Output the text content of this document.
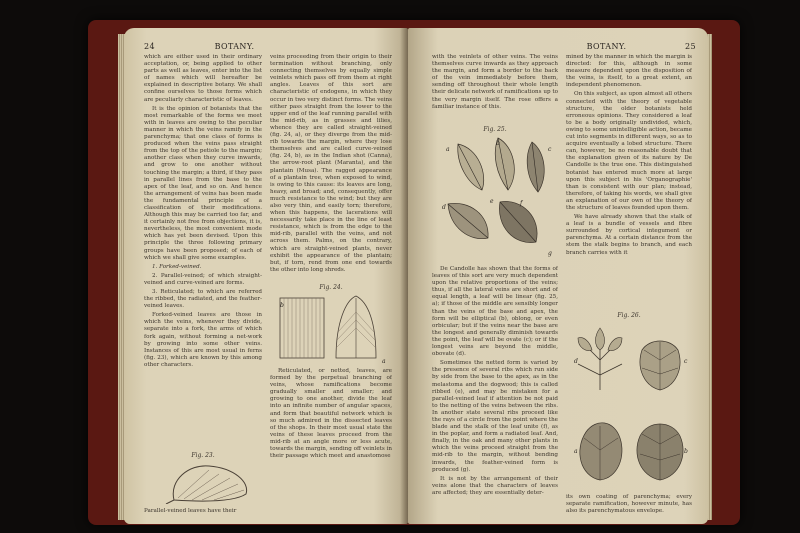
24	BOTANY.

which are either used in their ordinary acceptation, or, being applied to other parts as well as leaves, enter into the list of names which will hereafter be explained in descriptive botany. We shall confine ourselves to those forms which are peculiarly characteristic of leaves.

It is the opinion of botanists that the most remarkable of the forms we meet with in leaves are owing to the peculiar manner in which the veins ramify in the parenchyma; that one class of forms is produced when the veins pass straight from the top of the petiole to the margin; another class when they curve inwards, and grow to one another without touching the margin; a third, if they pass in parallel lines from the base to the apex of the leaf, and so on. And hence the arrangement of veins has been made the fundamental principle of a classification of their modifications. Although this may be carried too far, and it certainly not free from objections, it is, nevertheless, the most convenient mode which has yet been devised. Upon this principle the three following primary groups have been proposed; of each of which we shall give some examples.

1. Forked-veined.

2. Parallel-veined; of which straight-veined and curve-veined are forms.

3. Reticulated; to which are referred the ribbed, the radiated, and the feather-veined leaves.

Forked-veined leaves are those in which the veins, whenever they divide, separate into a fork, the arms of which fork again, without forming a net-work by growing into some other veins. Instances of this are most usual in ferns (fig. 23), which are known by this among other characters.

Fig. 23.
Parallel-veined leaves have their

veins proceeding from their origin to their termination without branching, only connecting themselves by equally simple veinlets which pass off from them at right angles. Leaves of this sort are characteristic of endogens, in which they occur in two very distinct forms. The veins either pass straight from the lower to the upper end of the leaf running parallel with the mid-rib, as in grasses and lilies, whence they are called straight-veined (fig. 24, a), or they diverge from the mid-rib towards the margin, where they lose themselves and are called curve-veined (fig. 24, b), as in the Indian shot (Canna), the arrow-root plant (Maranta), and the plantain (Musa). The ragged appearance of a plantain tree, when exposed to wind, is owing to this cause: its leaves are long, heavy, and broad; and, consequently, offer much resistance to the wind; but they are also very thin, and easily torn; therefore, when this happens, the lacerations will necessarily take place in the line of least resistance, which is from the edge to the mid-rib, parallel with the veins, and not across them. Palms, on the contrary, which are straight-veined plants, never exhibit the appearance of the plantain; but, if torn, rend from one end towards the other into long shreds.

Fig. 24.
b
a

Reticulated, or netted, leaves, are formed by the perpetual branching of veins, whose ramifications become gradually smaller and smaller; and growing to one another, divide the leaf into an infinite number of angular spaces, and form that beautiful network which is so much admired in the dissected leaves of the shops. In their most usual state the veins of these leaves proceed from the mid-rib at an angle more or less acute, towards the margin, sending off veinlets in their passage which meet and anastomose

BOTANY.	25

with the veinlets of other veins. The veins themselves curve inwards as they approach the margin, and form a border to the back of the vein immediately before them, sending off throughout their whole length their delicate network of ramifications up to the very margin itself. The rose offers a familiar instance of this.

Fig. 25.
a
b
c
d
e	f
g

De Candolle has shown that the forms of leaves of this sort are very much dependent upon the relative proportions of the veins; thus, if all the lateral veins are short and of equal length, a leaf will be linear (fig. 25, a); if those of the middle are sensibly longer than the veins of the base and apex, the form will be elliptical (b), oblong, or even orbicular; but if the veins near the base are the longest and generally diminish towards the point, the leaf will be ovate (c); or if the longest veins are beyond the middle, obovate (d).

Sometimes the netted form is varied by the presence of several ribs which run side by side from the base to the apex, as in the melastoma and the dogwood; this is called ribbed (e), and may be mistaken for a parallel-veined leaf if attention be not paid to the netting of the veins between the ribs. In another state several ribs proceed like the rays of a circle from the point where the blade and the stalk of the leaf unite (f), as in the poplar, and form a radiated leaf. And, finally, in the oak and many other plants in which the veins proceed straight from the mid-rib to the margin, without bending inwards, the feather-veined form is produced (g).

It is not by the arrangement of their veins alone that the characters of leaves are affected; they are essentially deter-

mined by the manner in which the margin is directed: for this, although in some measure dependent upon the disposition of the veins, is itself, to a great extent, an independent phenomenon.

On this subject, as upon almost all others connected with the theory of vegetable structure, the older botanists held erroneous opinions. They considered a leaf to be a body originally undivided, which, owing to some unintelligible action, became cut into segments in different ways, so as to acquire eventually a lobed structure. There can, however, be no reasonable doubt that the explanation given of its nature by De Candolle is the true one. This distinguished botanist has entered much more at large upon this subject in his 'Organographie' than is consistent with our plan; instead, therefore, of taking his words, we shall give an explanation of our own of the theory of the structure of leaves founded upon them.

We have already shown that the stalk of a leaf is a bundle of vessels and fibre surrounded by cortical integument or parenchyma. At a certain distance from the stem the stalk begins to branch, and each branch carries with it

Fig. 26.
d	c
a	b
its own coating of parenchyma; every separate ramification, however minute, has also its parenchymatous envelope.
